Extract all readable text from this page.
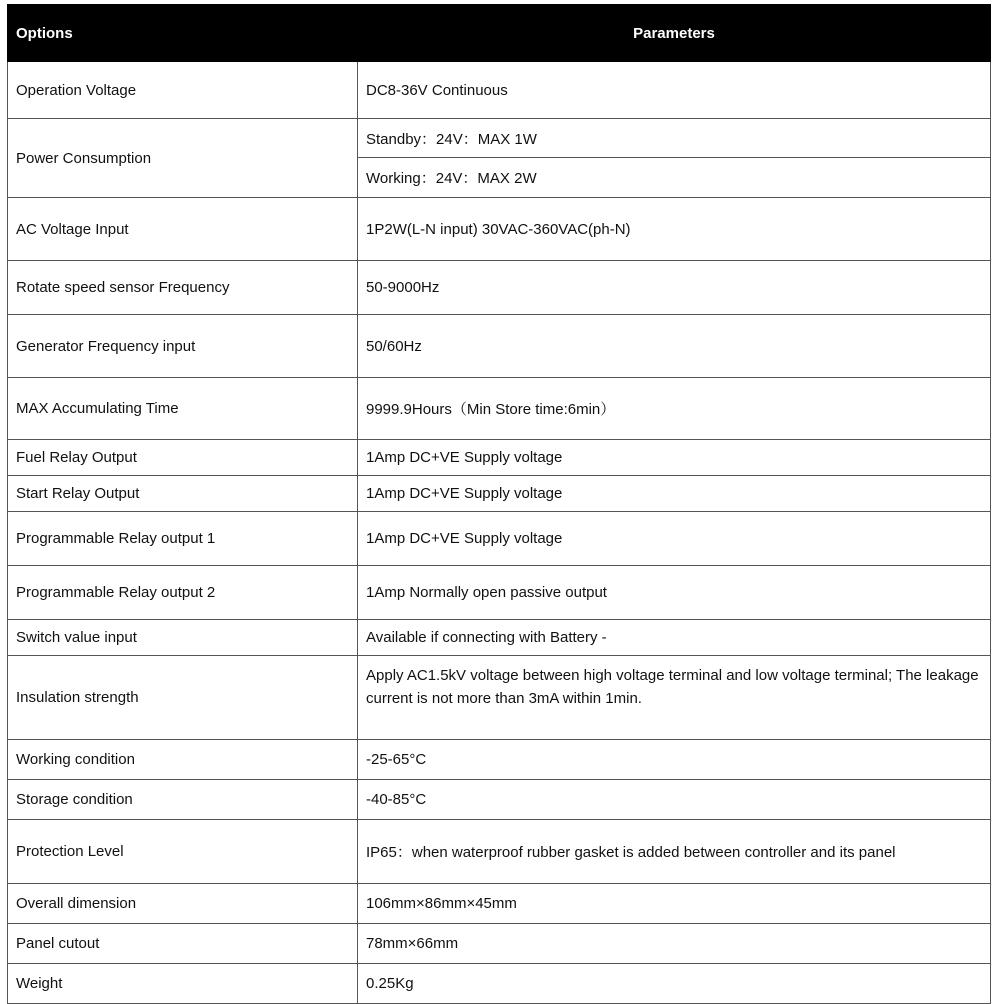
Options	Parameters
Operation Voltage	DC8-36V Continuous
Power Consumption	Standby：24V：MAX 1W
	Working：24V：MAX 2W
AC Voltage Input	1P2W(L-N input) 30VAC-360VAC(ph-N)
Rotate speed sensor Frequency	50-9000Hz
Generator Frequency input	50/60Hz
MAX Accumulating Time	9999.9Hours（Min Store time:6min）
Fuel Relay Output	1Amp DC+VE Supply voltage
Start Relay Output	1Amp DC+VE Supply voltage
Programmable Relay output 1	1Amp DC+VE Supply voltage
Programmable Relay output 2	1Amp Normally open passive output
Switch value input	Available if connecting with Battery -
Insulation strength	Apply AC1.5kV voltage between high voltage terminal and low voltage terminal; The leakage current is not more than 3mA within 1min.
Working condition	-25-65°C
Storage condition	-40-85°C
Protection Level	IP65：when waterproof rubber gasket is added between controller and its panel
Overall dimension	106mm×86mm×45mm
Panel cutout	78mm×66mm
Weight	0.25Kg
